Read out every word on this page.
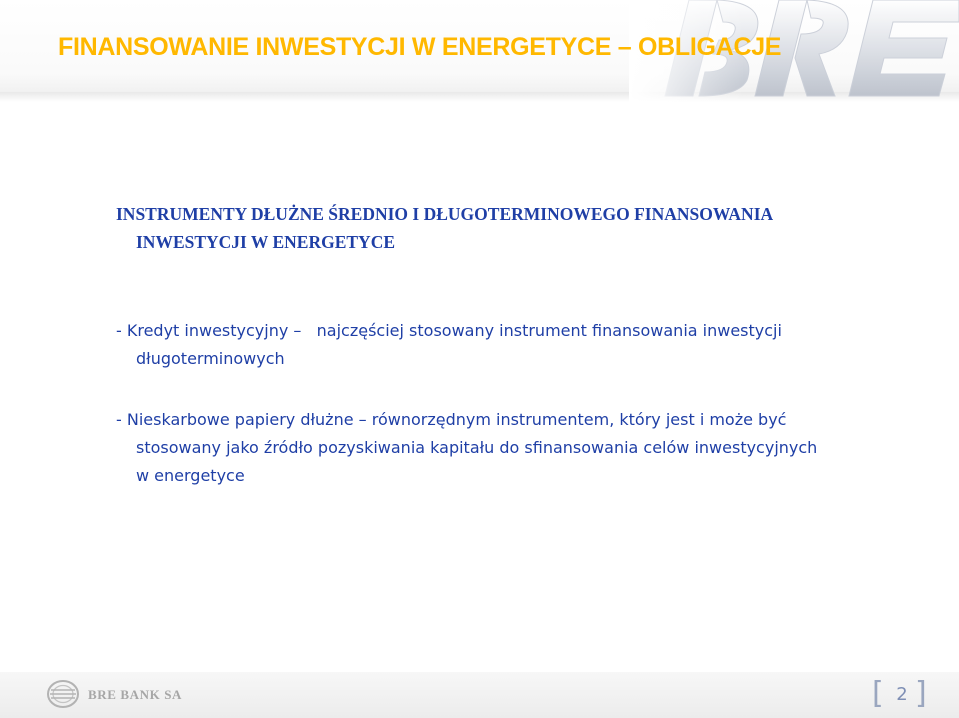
FINANSOWANIE INWESTYCJI W ENERGETYCE – OBLIGACJE
INSTRUMENTY DŁUŻNE ŚREDNIO I DŁUGOTERMINOWEGO FINANSOWANIA
INWESTYCJI W ENERGETYCE

- Kredyt inwestycyjny –   najczęściej stosowany instrument finansowania inwestycji
długoterminowych

- Nieskarbowe papiery dłużne – równorzędnym instrumentem, który jest i może być
stosowany jako źródło pozyskiwania kapitału do sfinansowania celów inwestycyjnych
w energetyce

BRE BANK SA	[ 2 ]
